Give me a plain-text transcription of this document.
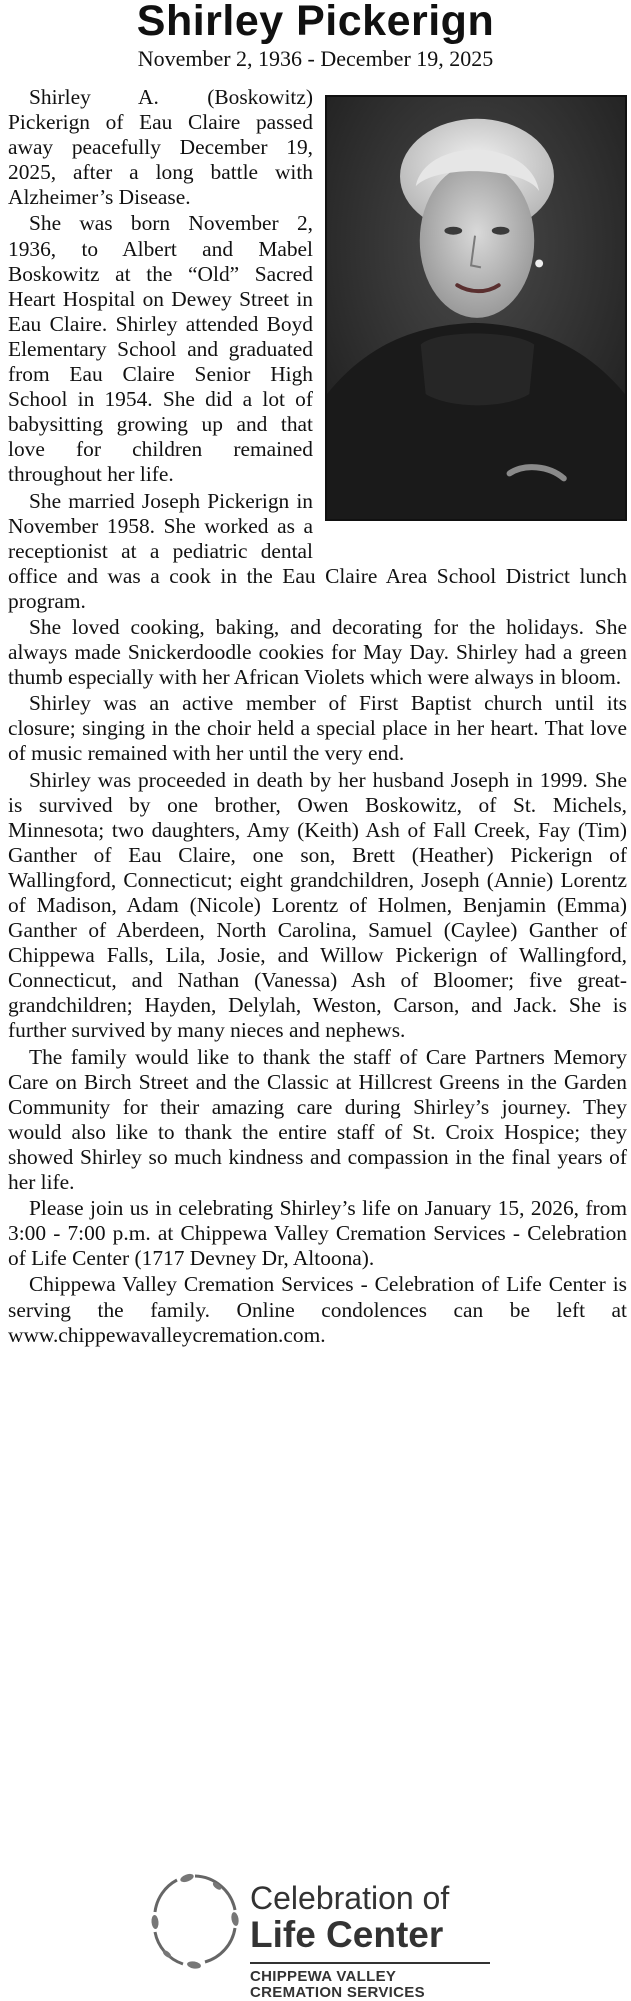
Shirley Pickerign
November 2, 1936 - December 19, 2025

Shirley A. (Boskowitz) Pickerign of Eau Claire passed away peacefully December 19, 2025, after a long battle with Alzheimer’s Disease.

She was born November 2, 1936, to Albert and Mabel Boskowitz at the “Old” Sacred Heart Hospital on Dewey Street in Eau Claire. Shirley attended Boyd Elementary School and graduated from Eau Claire Senior High School in 1954. She did a lot of babysitting growing up and that love for children remained throughout her life.

She married Joseph Pickerign in November 1958. She worked as a receptionist at a pediatric dental office and was a cook in the Eau Claire Area School District lunch program.

She loved cooking, baking, and decorating for the holidays. She always made Snickerdoodle cookies for May Day. Shirley had a green thumb especially with her African Violets which were always in bloom.

Shirley was an active member of First Baptist church until its closure; singing in the choir held a special place in her heart. That love of music remained with her until the very end.

Shirley was proceeded in death by her husband Joseph in 1999. She is survived by one brother, Owen Boskowitz, of St. Michels, Minnesota; two daughters, Amy (Keith) Ash of Fall Creek, Fay (Tim) Ganther of Eau Claire, one son, Brett (Heather) Pickerign of Wallingford, Connecticut; eight grandchildren, Joseph (Annie) Lorentz of Madison, Adam (Nicole) Lorentz of Holmen, Benjamin (Emma) Ganther of Aberdeen, North Carolina, Samuel (Caylee) Ganther of Chippewa Falls, Lila, Josie, and Willow Pickerign of Wallingford, Connecticut, and Nathan (Vanessa) Ash of Bloomer; five great-grandchildren; Hayden, Delylah, Weston, Carson, and Jack. She is further survived by many nieces and nephews.

The family would like to thank the staff of Care Partners Memory Care on Birch Street and the Classic at Hillcrest Greens in the Garden Community for their amazing care during Shirley’s journey. They would also like to thank the entire staff of St. Croix Hospice; they showed Shirley so much kindness and compassion in the final years of her life.

Please join us in celebrating Shirley’s life on January 15, 2026, from 3:00 - 7:00 p.m. at Chippewa Valley Cremation Services - Celebration of Life Center (1717 Devney Dr, Altoona).

Chippewa Valley Cremation Services - Celebration of Life Center is serving the family. Online condolences can be left at www.chippewavalleycremation.com.

Celebration of
Life Center
CHIPPEWA VALLEY
CREMATION SERVICES
